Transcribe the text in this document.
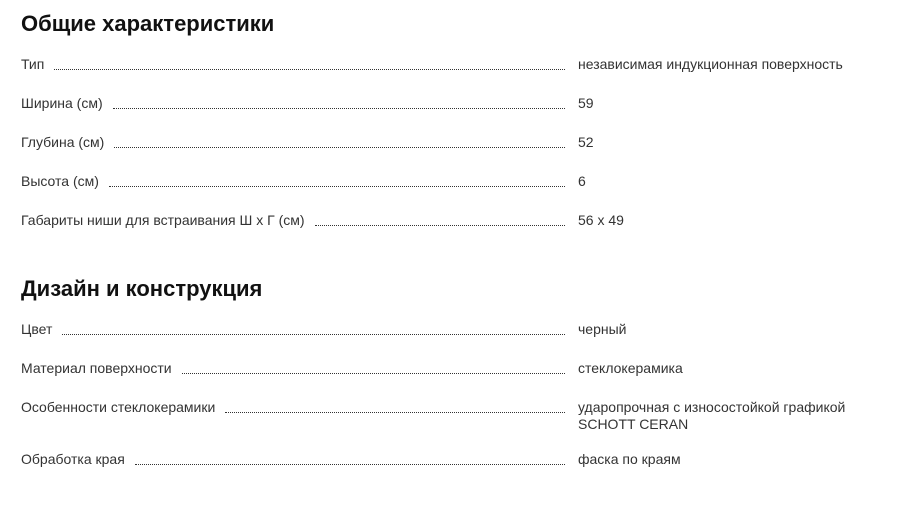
Общие характеристики
Тип	независимая индукционная поверхность
Ширина (см)	59
Глубина (см)	52
Высота (см)	6
Габариты ниши для встраивания Ш х Г (см)	56 х 49
Дизайн и конструкция
Цвет	черный
Материал поверхности	стеклокерамика
Особенности стеклокерамики	ударопрочная с износостойкой графикой SCHOTT CERAN
Обработка края	фаска по краям
